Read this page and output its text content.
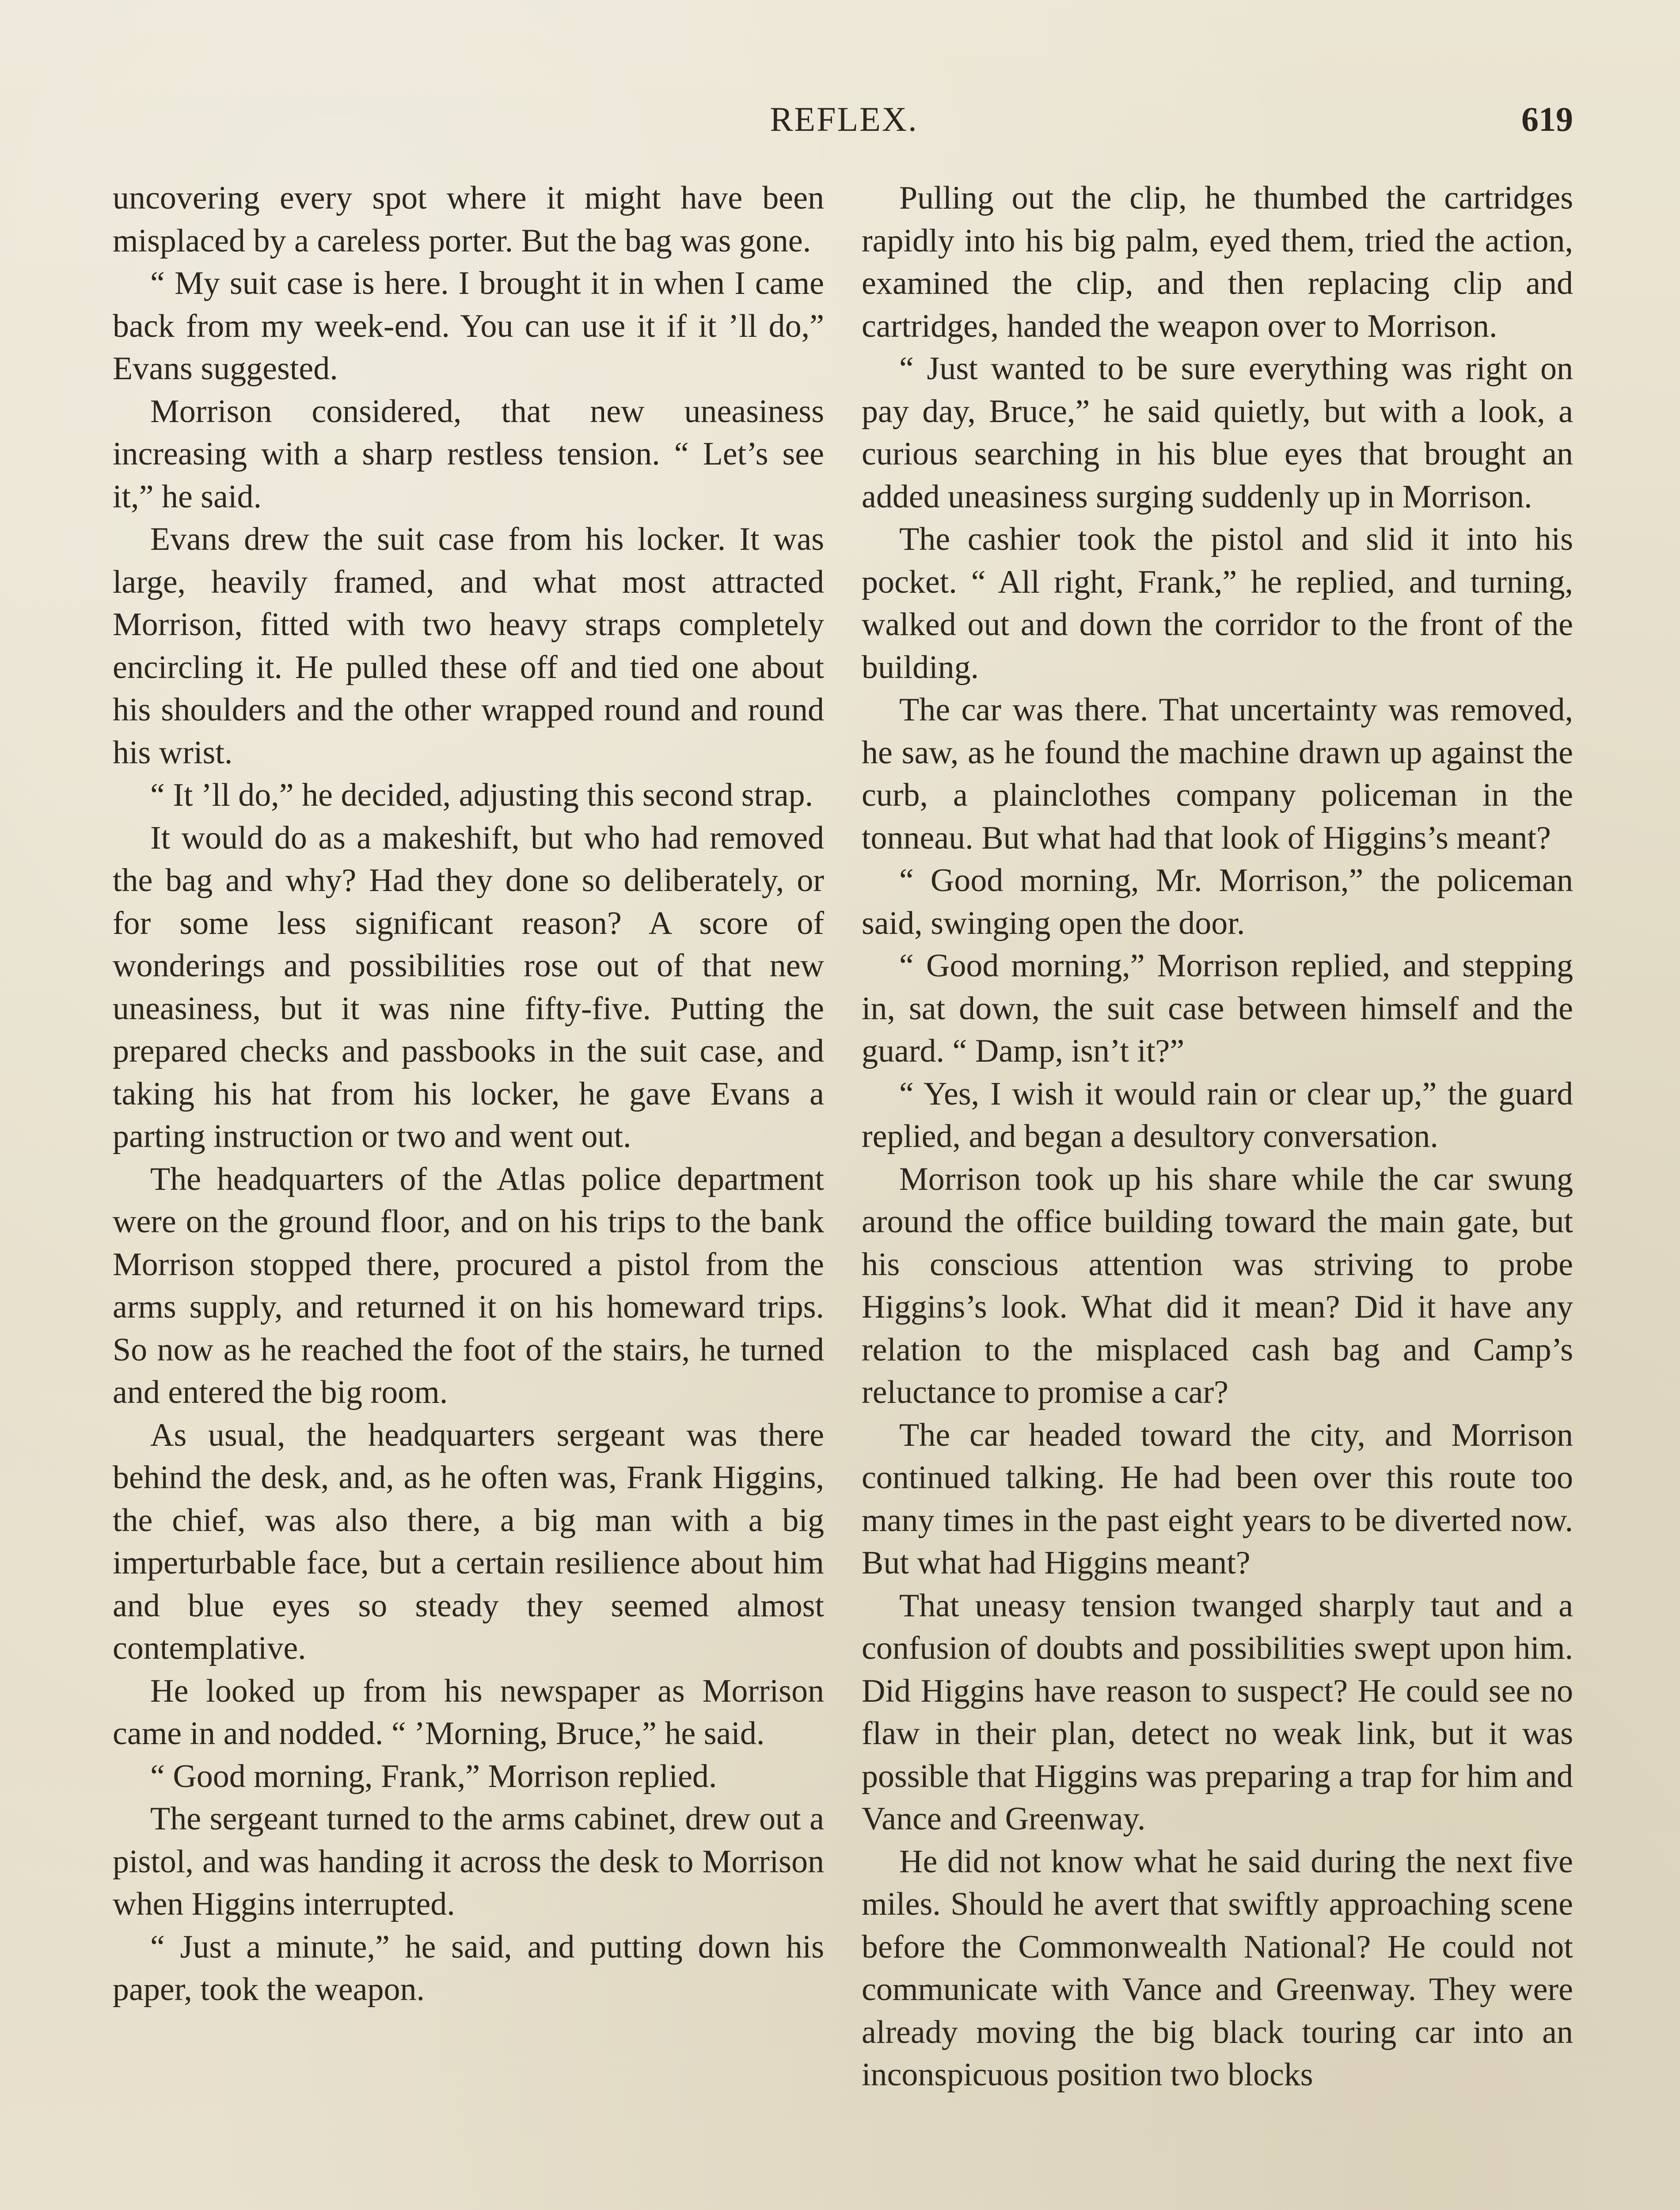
REFLEX.	619

uncovering every spot where it might have been misplaced by a careless porter. But the bag was gone.

“ My suit case is here. I brought it in when I came back from my week-end. You can use it if it ’ll do,” Evans suggested.

Morrison considered, that new uneasiness increasing with a sharp restless tension. “ Let’s see it,” he said.

Evans drew the suit case from his locker. It was large, heavily framed, and what most attracted Morrison, fitted with two heavy straps completely encircling it. He pulled these off and tied one about his shoulders and the other wrapped round and round his wrist.

“ It ’ll do,” he decided, adjusting this second strap.

It would do as a makeshift, but who had removed the bag and why? Had they done so deliberately, or for some less significant reason? A score of wonderings and possibilities rose out of that new uneasiness, but it was nine fifty-five. Putting the prepared checks and passbooks in the suit case, and taking his hat from his locker, he gave Evans a parting instruction or two and went out.

The headquarters of the Atlas police department were on the ground floor, and on his trips to the bank Morrison stopped there, procured a pistol from the arms supply, and returned it on his homeward trips. So now as he reached the foot of the stairs, he turned and entered the big room.

As usual, the headquarters sergeant was there behind the desk, and, as he often was, Frank Higgins, the chief, was also there, a big man with a big imperturbable face, but a certain resilience about him and blue eyes so steady they seemed almost contemplative.

He looked up from his newspaper as Morrison came in and nodded. “ ’Morning, Bruce,” he said.

“ Good morning, Frank,” Morrison replied.

The sergeant turned to the arms cabinet, drew out a pistol, and was handing it across the desk to Morrison when Higgins interrupted.

“ Just a minute,” he said, and putting down his paper, took the weapon.

Pulling out the clip, he thumbed the cartridges rapidly into his big palm, eyed them, tried the action, examined the clip, and then replacing clip and cartridges, handed the weapon over to Morrison.

“ Just wanted to be sure everything was right on pay day, Bruce,” he said quietly, but with a look, a curious searching in his blue eyes that brought an added uneasiness surging suddenly up in Morrison.

The cashier took the pistol and slid it into his pocket. “ All right, Frank,” he replied, and turning, walked out and down the corridor to the front of the building.

The car was there. That uncertainty was removed, he saw, as he found the machine drawn up against the curb, a plainclothes company policeman in the tonneau. But what had that look of Higgins’s meant?

“ Good morning, Mr. Morrison,” the policeman said, swinging open the door.

“ Good morning,” Morrison replied, and stepping in, sat down, the suit case between himself and the guard. “ Damp, isn’t it?”

“ Yes, I wish it would rain or clear up,” the guard replied, and began a desultory conversation.

Morrison took up his share while the car swung around the office building toward the main gate, but his conscious attention was striving to probe Higgins’s look. What did it mean? Did it have any relation to the misplaced cash bag and Camp’s reluctance to promise a car?

The car headed toward the city, and Morrison continued talking. He had been over this route too many times in the past eight years to be diverted now. But what had Higgins meant?

That uneasy tension twanged sharply taut and a confusion of doubts and possibilities swept upon him. Did Higgins have reason to suspect? He could see no flaw in their plan, detect no weak link, but it was possible that Higgins was preparing a trap for him and Vance and Greenway.

He did not know what he said during the next five miles. Should he avert that swiftly approaching scene before the Commonwealth National? He could not communicate with Vance and Greenway. They were already moving the big black touring car into an inconspicuous position two blocks
